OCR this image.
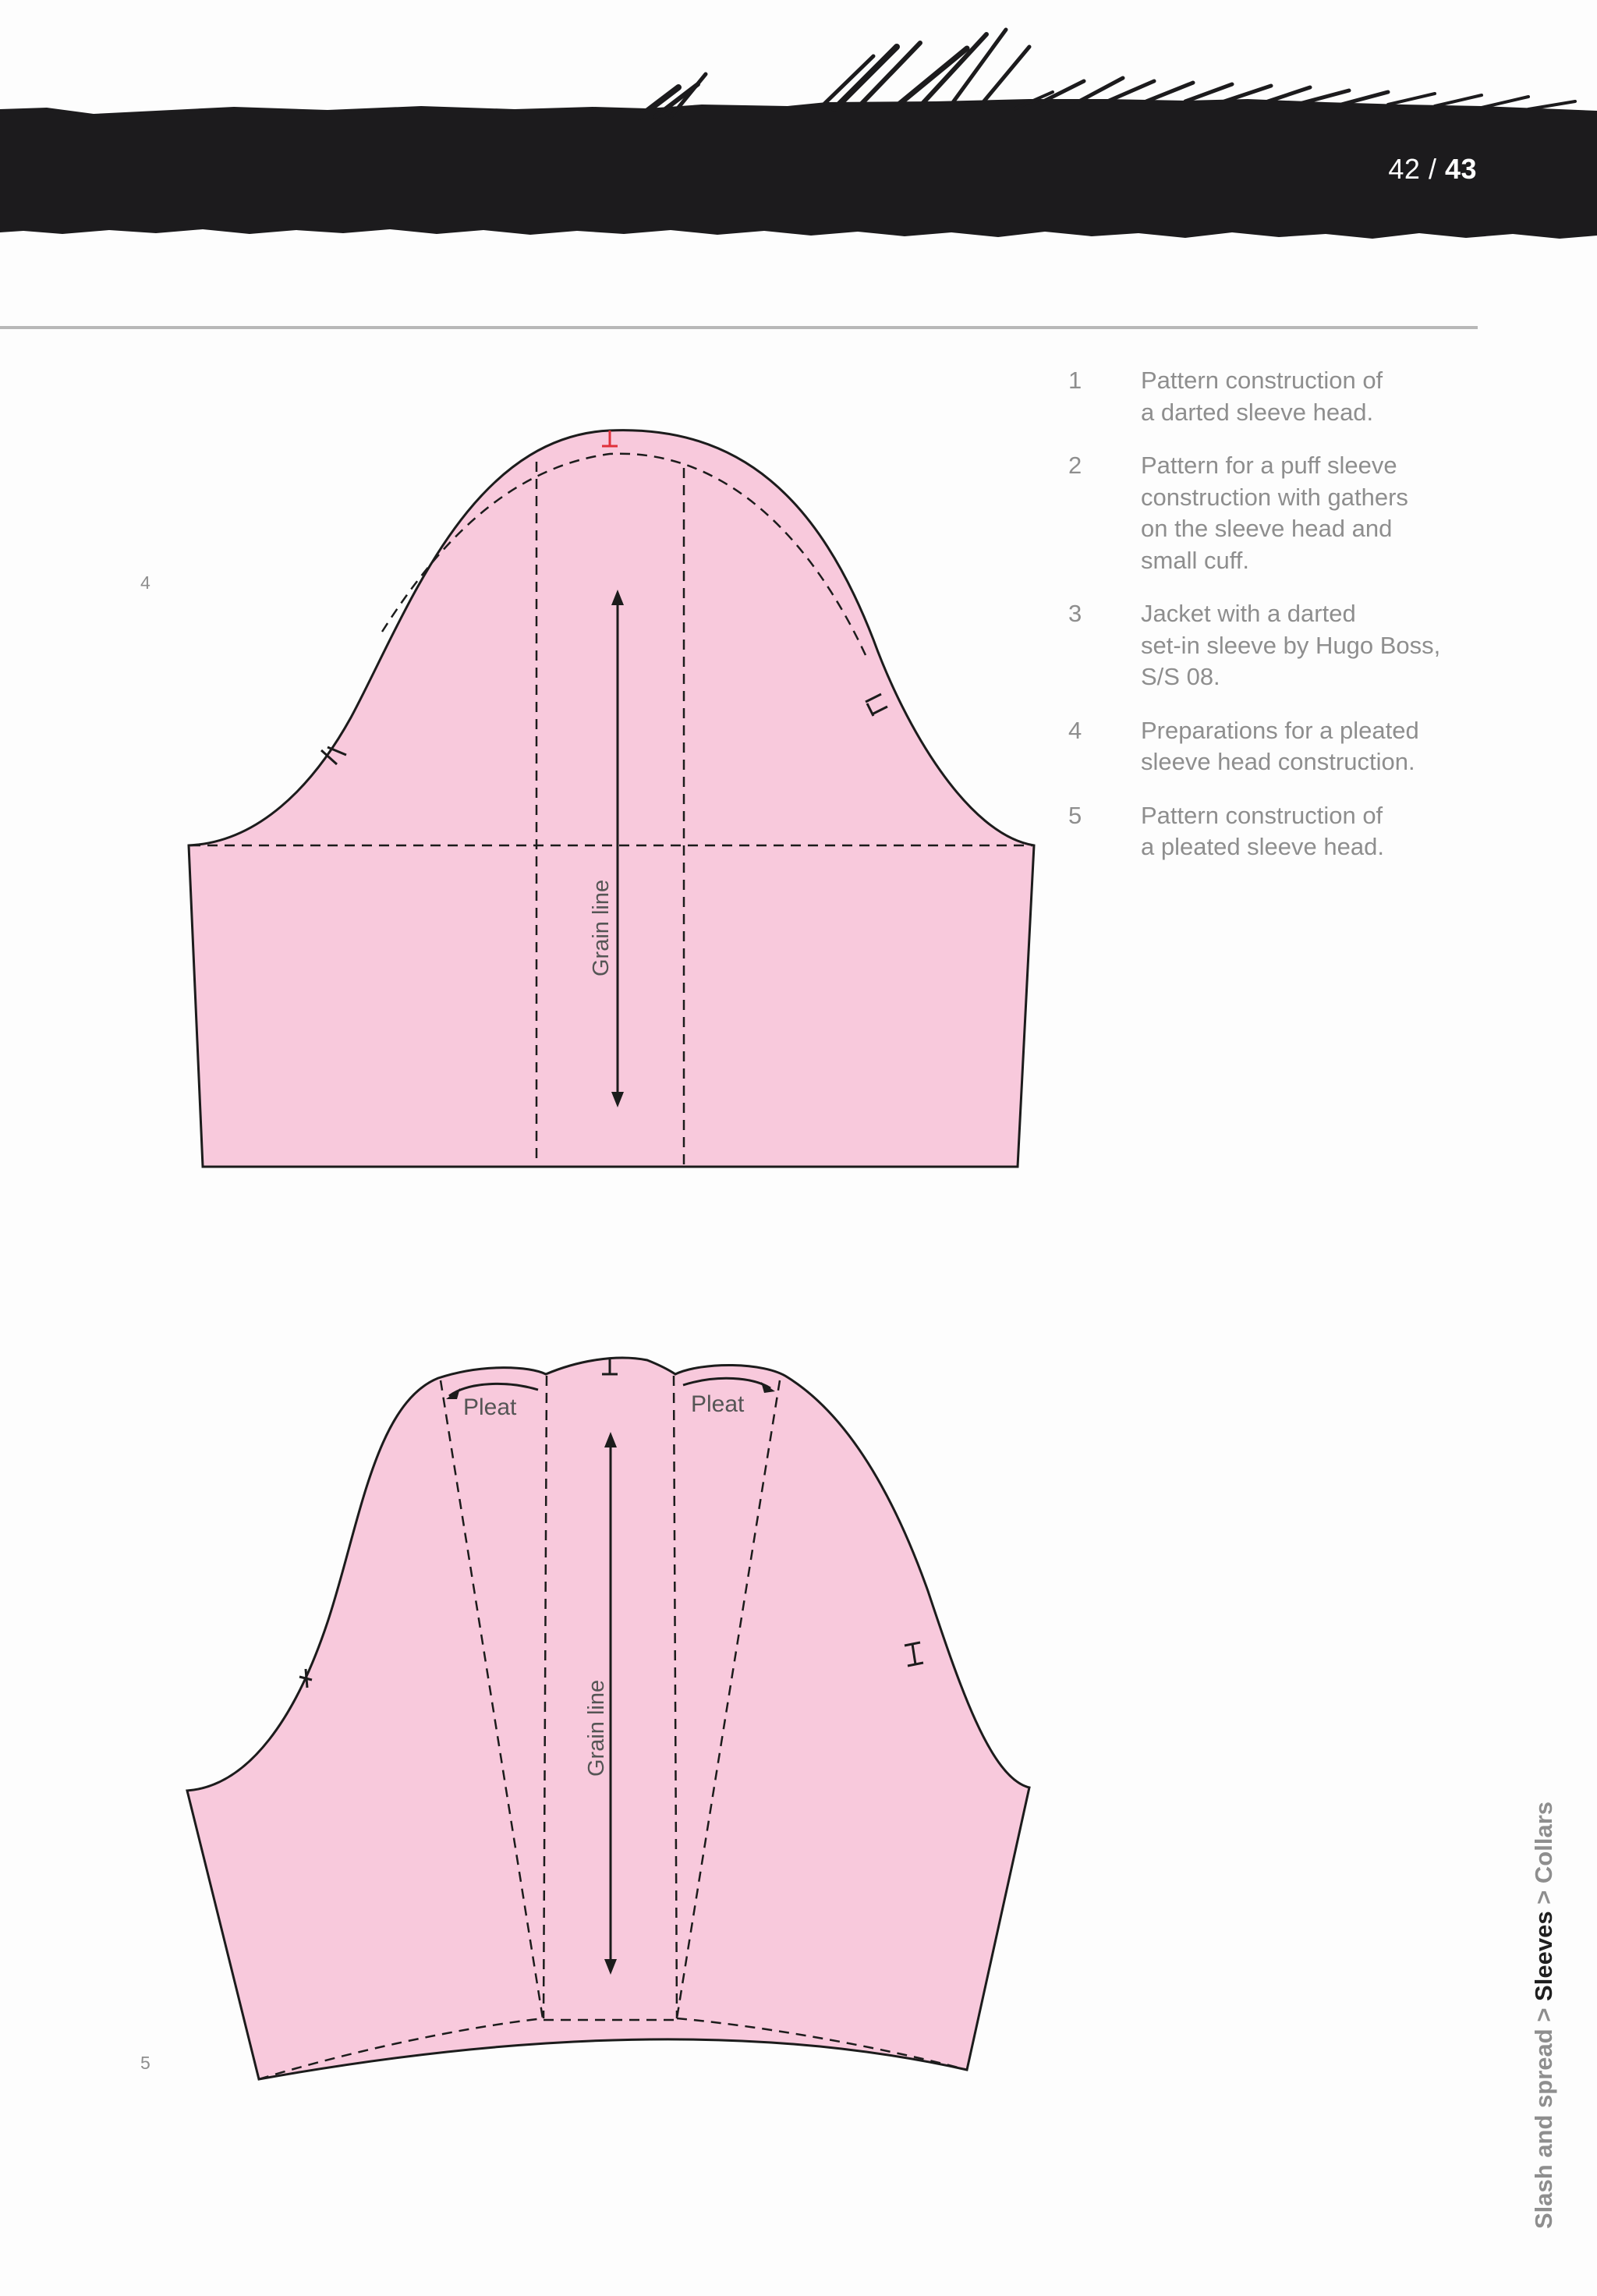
42 / 43
1	Pattern construction of
a darted sleeve head.
2	Pattern for a puff sleeve
construction with gathers
on the sleeve head and
small cuff.
3	Jacket with a darted
set-in sleeve by Hugo Boss,
S/S 08.
4	Preparations for a pleated
sleeve head construction.
5	Pattern construction of
a pleated sleeve head.
4
Grain line
5
Grain line
Pleat	Pleat
Slash and spread > Sleeves > Collars
